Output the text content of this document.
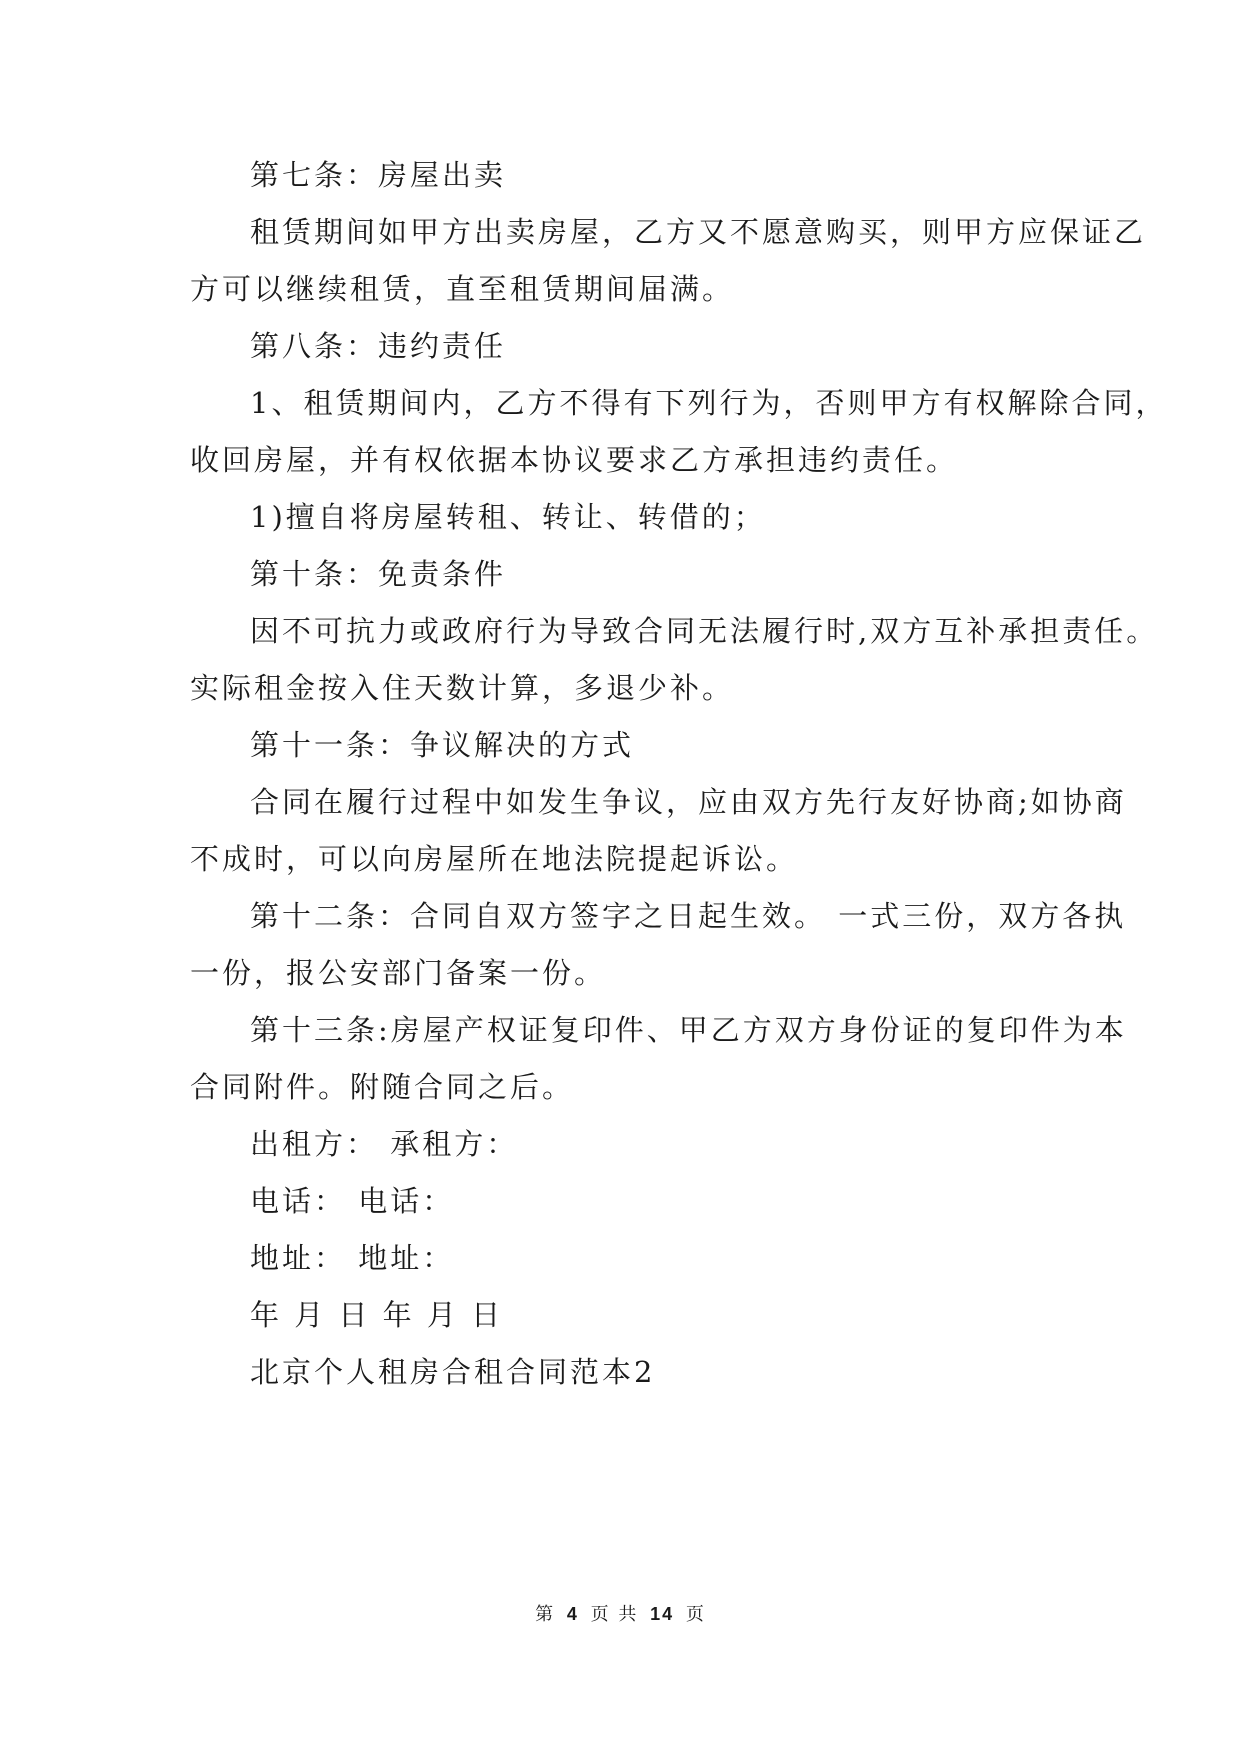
第七条：房屋出卖
租赁期间如甲方出卖房屋，乙方又不愿意购买，则甲方应保证乙
方可以继续租赁，直至租赁期间届满。
第八条：违约责任
1、租赁期间内，乙方不得有下列行为，否则甲方有权解除合同，
收回房屋，并有权依据本协议要求乙方承担违约责任。
1)擅自将房屋转租、转让、转借的；
第十条：免责条件
因不可抗力或政府行为导致合同无法履行时,双方互补承担责任。
实际租金按入住天数计算，多退少补。
第十一条：争议解决的方式
合同在履行过程中如发生争议，应由双方先行友好协商;如协商
不成时，可以向房屋所在地法院提起诉讼。
第十二条：合同自双方签字之日起生效。 一式三份，双方各执
一份，报公安部门备案一份。
第十三条:房屋产权证复印件、甲乙方双方身份证的复印件为本
合同附件。附随合同之后。
出租方： 承租方：
电话： 电话：
地址： 地址：
年 月 日 年 月 日
北京个人租房合租合同范本2
第 4 页 共 14 页
